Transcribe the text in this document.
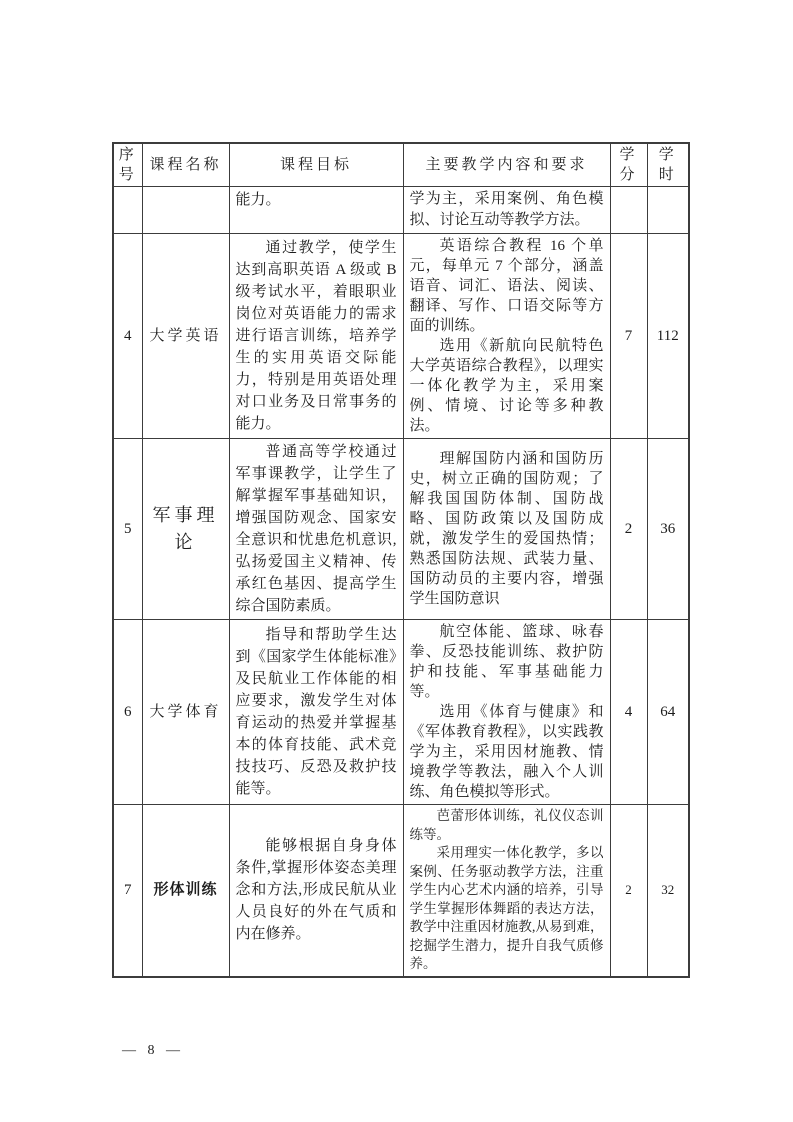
序号	课程名称	课程目标	主要教学内容和要求	学分	学时

		能力。	学为主，采用案例、角色模拟、讨论互动等教学方法。		

4	大学英语	通过教学，使学生达到高职英语 A 级或 B 级考试水平，着眼职业岗位对英语能力的需求进行语言训练，培养学生的实用英语交际能力，特别是用英语处理对口业务及日常事务的能力。	英语综合教程 16 个单元，每单元 7 个部分，涵盖语音、词汇、语法、阅读、翻译、写作、口语交际等方面的训练。

选用《新航向民航特色大学英语综合教程》，以理实一体化教学为主，采用案例、情境、讨论等多种教法。	7	112
5	军事理论	普通高等学校通过军事课教学，让学生了解掌握军事基础知识，增强国防观念、国家安全意识和忧患危机意识,弘扬爱国主义精神、传承红色基因、提高学生综合国防素质。	理解国防内涵和国防历史，树立正确的国防观；了解我国国防体制、国防战略、国防政策以及国防成就，激发学生的爱国热情；熟悉国防法规、武装力量、国防动员的主要内容，增强学生国防意识	2	36
6	大学体育	指导和帮助学生达到《国家学生体能标准》及民航业工作体能的相应要求，激发学生对体育运动的热爱并掌握基本的体育技能、武术竞技技巧、反恐及救护技能等。	航空体能、篮球、咏春拳、反恐技能训练、救护防护和技能、军事基础能力等。

选用《体育与健康》和《军体教育教程》，以实践教学为主，采用因材施教、情境教学等教法，融入个人训练、角色模拟等形式。	4	64
7	形体训练	能够根据自身身体条件,掌握形体姿态美理念和方法,形成民航从业人员良好的外在气质和内在修养。	芭蕾形体训练，礼仪仪态训练等。

采用理实一体化教学，多以案例、任务驱动教学方法，注重学生内心艺术内涵的培养，引导学生掌握形体舞蹈的表达方法，教学中注重因材施教,从易到难，挖掘学生潜力，提升自我气质修养。	2	32
— 8 —
